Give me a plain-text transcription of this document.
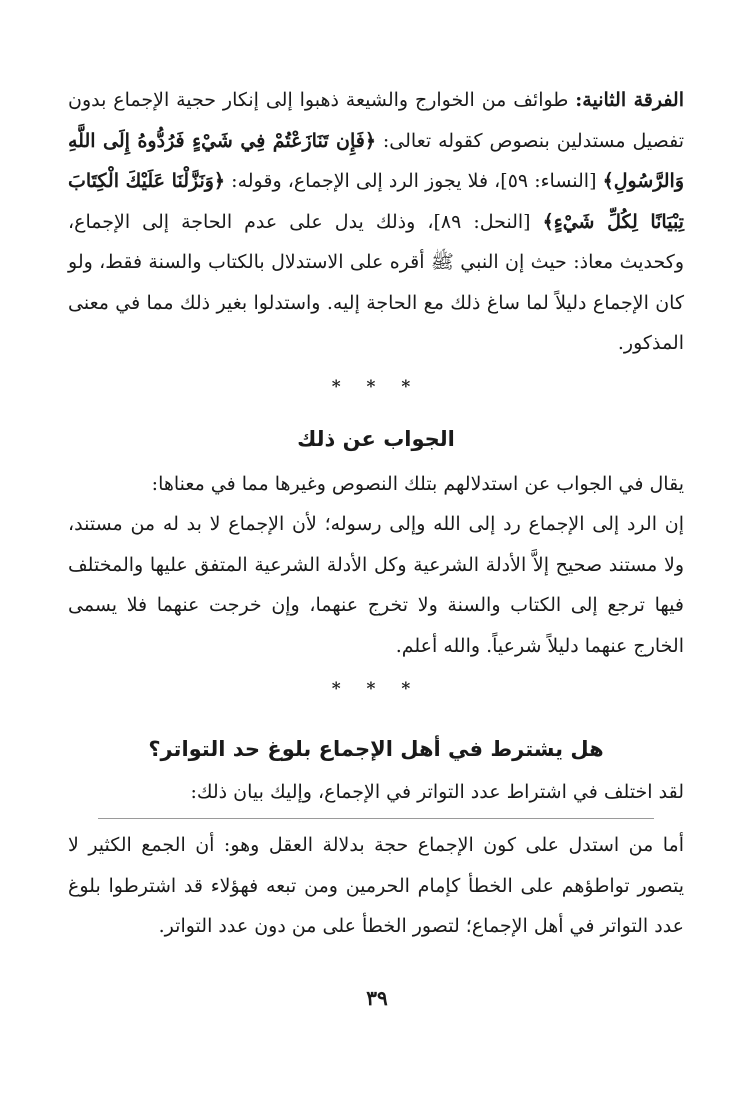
الفرقة الثانية: طوائف من الخوارج والشيعة ذهبوا إلى إنكار حجية الإجماع بدون تفصيل مستدلين بنصوص كقوله تعالى: ﴿فَإِن تَنَازَعْتُمْ فِي شَيْءٍ فَرُدُّوهُ إِلَى اللَّهِ وَالرَّسُولِ﴾ [النساء: ٥٩]، فلا يجوز الرد إلى الإجماع، وقوله: ﴿وَنَزَّلْنَا عَلَيْكَ الْكِتَابَ تِبْيَانًا لِكُلِّ شَيْءٍ﴾ [النحل: ٨٩]، وذلك يدل على عدم الحاجة إلى الإجماع، وكحديث معاذ: حيث إن النبي ﷺ أقره على الاستدلال بالكتاب والسنة فقط، ولو كان الإجماع دليلاً لما ساغ ذلك مع الحاجة إليه. واستدلوا بغير ذلك مما في معنى المذكور.

* * *
الجواب عن ذلك

يقال في الجواب عن استدلالهم بتلك النصوص وغيرها مما في معناها:

إن الرد إلى الإجماع رد إلى الله وإلى رسوله؛ لأن الإجماع لا بد له من مستند، ولا مستند صحيح إلاَّ الأدلة الشرعية وكل الأدلة الشرعية المتفق عليها والمختلف فيها ترجع إلى الكتاب والسنة ولا تخرج عنهما، وإن خرجت عنهما فلا يسمى الخارج عنهما دليلاً شرعياً. والله أعلم.

* * *
هل يشترط في أهل الإجماع بلوغ حد التواتر؟

لقد اختلف في اشتراط عدد التواتر في الإجماع، وإليك بيان ذلك:

أما من استدل على كون الإجماع حجة بدلالة العقل وهو: أن الجمع الكثير لا يتصور تواطؤهم على الخطأ كإمام الحرمين ومن تبعه فهؤلاء قد اشترطوا بلوغ عدد التواتر في أهل الإجماع؛ لتصور الخطأ على من دون عدد التواتر.

٣٩
